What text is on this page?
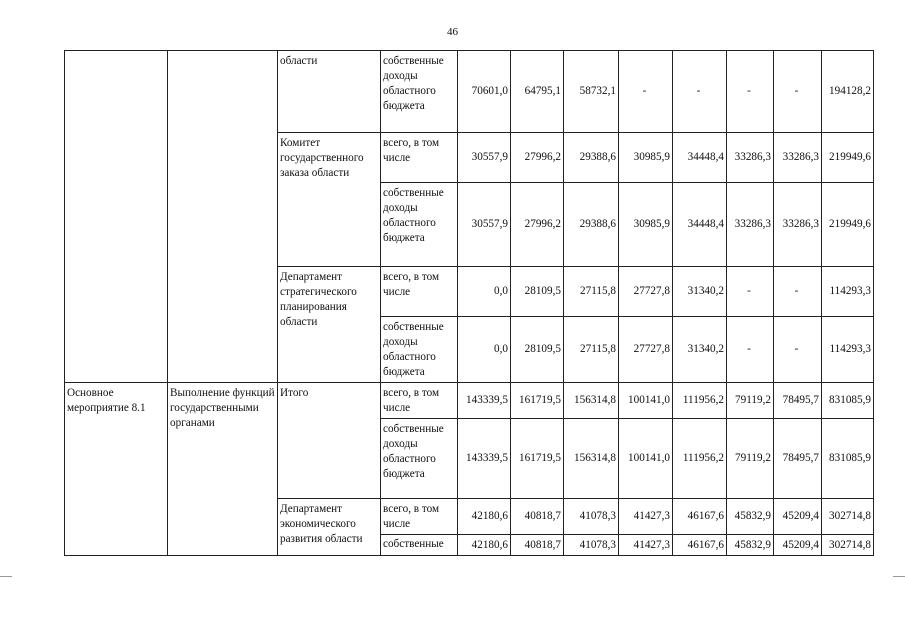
46
		области	собственные доходы областного бюджета	70601,0	64795,1	58732,1	-	-	-	-	194128,2
		Комитет государственного заказа области	всего, в том числе	30557,9	27996,2	29388,6	30985,9	34448,4	33286,3	33286,3	219949,6
			собственные доходы областного бюджета	30557,9	27996,2	29388,6	30985,9	34448,4	33286,3	33286,3	219949,6
		Департамент стратегического планирования области	всего, в том числе	0,0	28109,5	27115,8	27727,8	31340,2	-	-	114293,3
			собственные доходы областного бюджета	0,0	28109,5	27115,8	27727,8	31340,2	-	-	114293,3
Основное мероприятие 8.1	Выполнение функций государственными органами	Итого	всего, в том числе	143339,5	161719,5	156314,8	100141,0	111956,2	79119,2	78495,7	831085,9
			собственные доходы областного бюджета	143339,5	161719,5	156314,8	100141,0	111956,2	79119,2	78495,7	831085,9
		Департамент экономического развития области	всего, в том числе	42180,6	40818,7	41078,3	41427,3	46167,6	45832,9	45209,4	302714,8
			собственные	42180,6	40818,7	41078,3	41427,3	46167,6	45832,9	45209,4	302714,8
